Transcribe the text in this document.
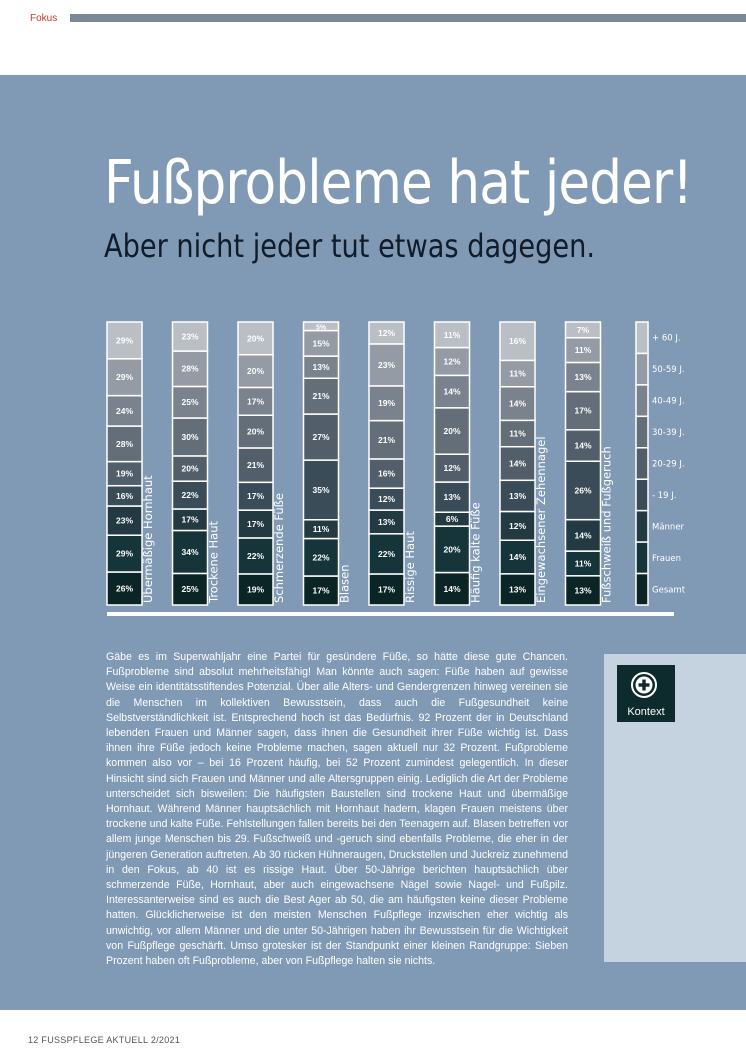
Fokus
Fußprobleme hat jeder!
Aber nicht jeder tut etwas dagegen.
26%
29%
23%
16%
19%
28%
24%
29%
29%
Übermäßige Hornhaut	25%
34%
17%
22%
20%
30%
25%
28%
23%
Trockene Haut	19%
22%
17%
17%
21%
20%
17%
20%
20%
Schmerzende Füße	17%
22%
11%
35%
27%
21%
13%
15%
5%
Blasen	17%
22%
13%
12%
16%
21%
19%
23%
12%
Rissige Haut	14%
20%
6%
13%
12%
20%
14%
12%
11%
Häufig kalte Füße	13%
14%
12%
13%
14%
11%
14%
11%
16%
Eingewachsener Zehennagel	13%
11%
14%
26%
14%
17%
13%
11%
7%
Fußschweiß und Fußgeruch
+ 60 J.
50-59 J.
40-49 J.
30-39 J.
20-29 J.
- 19 J.
Männer
Frauen
Gesamt
Gäbe es im Superwahljahr eine Partei für gesündere Füße, so hätte diese gute Chancen. Fußprobleme sind absolut mehrheitsfähig! Man könnte auch sagen: Füße haben auf gewisse Weise ein identitätsstiftendes Potenzial. Über alle Alters- und Gendergrenzen hinweg vereinen sie die Menschen im kollektiven Bewusstsein, dass auch die Fußgesundheit keine Selbstverständlichkeit ist. Entsprechend hoch ist das Bedürfnis. 92 Prozent der in Deutschland lebenden Frauen und Männer sagen, dass ihnen die Gesundheit ihrer Füße wichtig ist. Dass ihnen ihre Füße jedoch keine Probleme machen, sagen aktuell nur 32 Prozent. Fußprobleme kommen also vor – bei 16 Prozent häufig, bei 52 Prozent zumindest gelegentlich. In dieser Hinsicht sind sich Frauen und Männer und alle Altersgruppen einig. Lediglich die Art der Probleme unterscheidet sich bisweilen: Die häufigsten Baustellen sind trockene Haut und übermäßige Hornhaut. Während Männer hauptsächlich mit Hornhaut hadern, klagen Frauen meistens über trockene und kalte Füße. Fehlstellungen fallen bereits bei den Teenagern auf. Blasen betreffen vor allem junge Menschen bis 29. Fußschweiß und -geruch sind ebenfalls Probleme, die eher in der jüngeren Generation auftreten. Ab 30 rücken Hühneraugen, Druckstellen und Juckreiz zunehmend in den Fokus, ab 40 ist es rissige Haut. Über 50-Jährige berichten hauptsächlich über schmerzende Füße, Hornhaut, aber auch eingewachsene Nägel sowie Nagel- und Fußpilz. Interessanterweise sind es auch die Best Ager ab 50, die am häufigsten keine dieser Probleme hatten. Glücklicherweise ist den meisten Menschen Fußpflege inzwischen eher wichtig als unwichtig, vor allem Männer und die unter 50-Jährigen haben ihr Bewusstsein für die Wichtigkeit von Fußpflege geschärft. Umso grotesker ist der Standpunkt einer kleinen Randgruppe: Sieben Prozent haben oft Fußprobleme, aber von Fußpflege halten sie nichts.
Kontext
12 FUSSPFLEGE AKTUELL 2/2021
